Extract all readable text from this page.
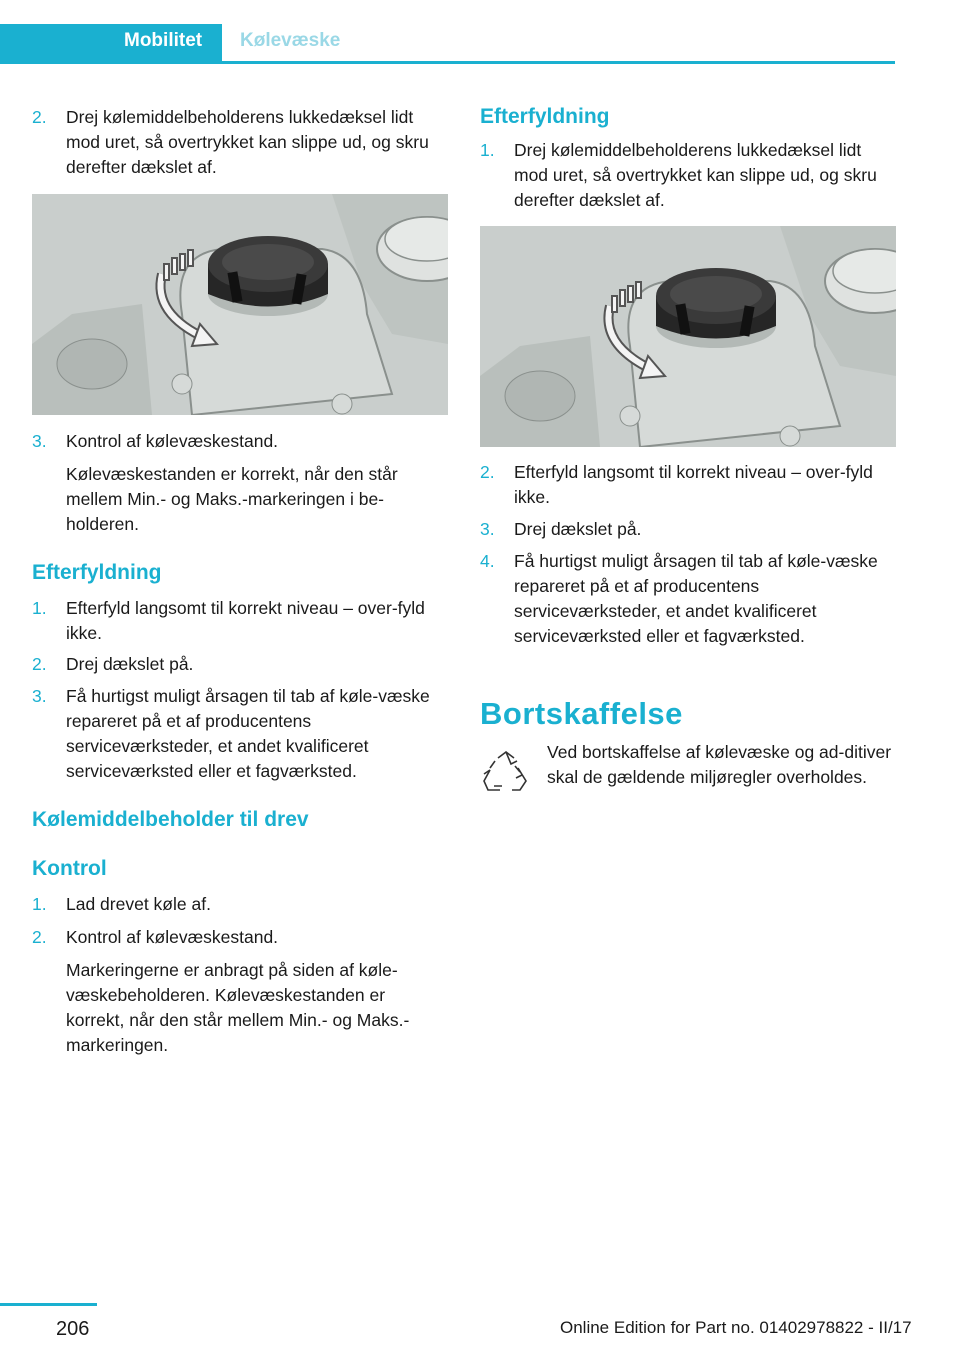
Mobilitet	Kølevæske
2. Drej kølemiddelbeholderens lukkedæksel lidt mod uret, så overtrykket kan slippe ud, og skru derefter dækslet af.
3. Kontrol af kølevæskestand.
Kølevæskestanden er korrekt, når den står mellem Min.- og Maks.-markeringen i be-holderen.
Efterfyldning
1. Efterfyld langsomt til korrekt niveau – over-fyld ikke.
2. Drej dækslet på.
3. Få hurtigst muligt årsagen til tab af køle-væske repareret på et af producentens serviceværksteder, et andet kvalificeret serviceværksted eller et fagværksted.
Kølemiddelbeholder til drev
Kontrol
1. Lad drevet køle af.
2. Kontrol af kølevæskestand.
Markeringerne er anbragt på siden af køle-væskebeholderen. Kølevæskestanden er korrekt, når den står mellem Min.- og Maks.-markeringen.
Efterfyldning
1. Drej kølemiddelbeholderens lukkedæksel lidt mod uret, så overtrykket kan slippe ud, og skru derefter dækslet af.
2. Efterfyld langsomt til korrekt niveau – over-fyld ikke.
3. Drej dækslet på.
4. Få hurtigst muligt årsagen til tab af køle-væske repareret på et af producentens serviceværksteder, et andet kvalificeret serviceværksted eller et fagværksted.
Bortskaffelse
Ved bortskaffelse af kølevæske og ad-ditiver skal de gældende miljøregler overholdes.
206	Online Edition for Part no. 01402978822 - II/17
